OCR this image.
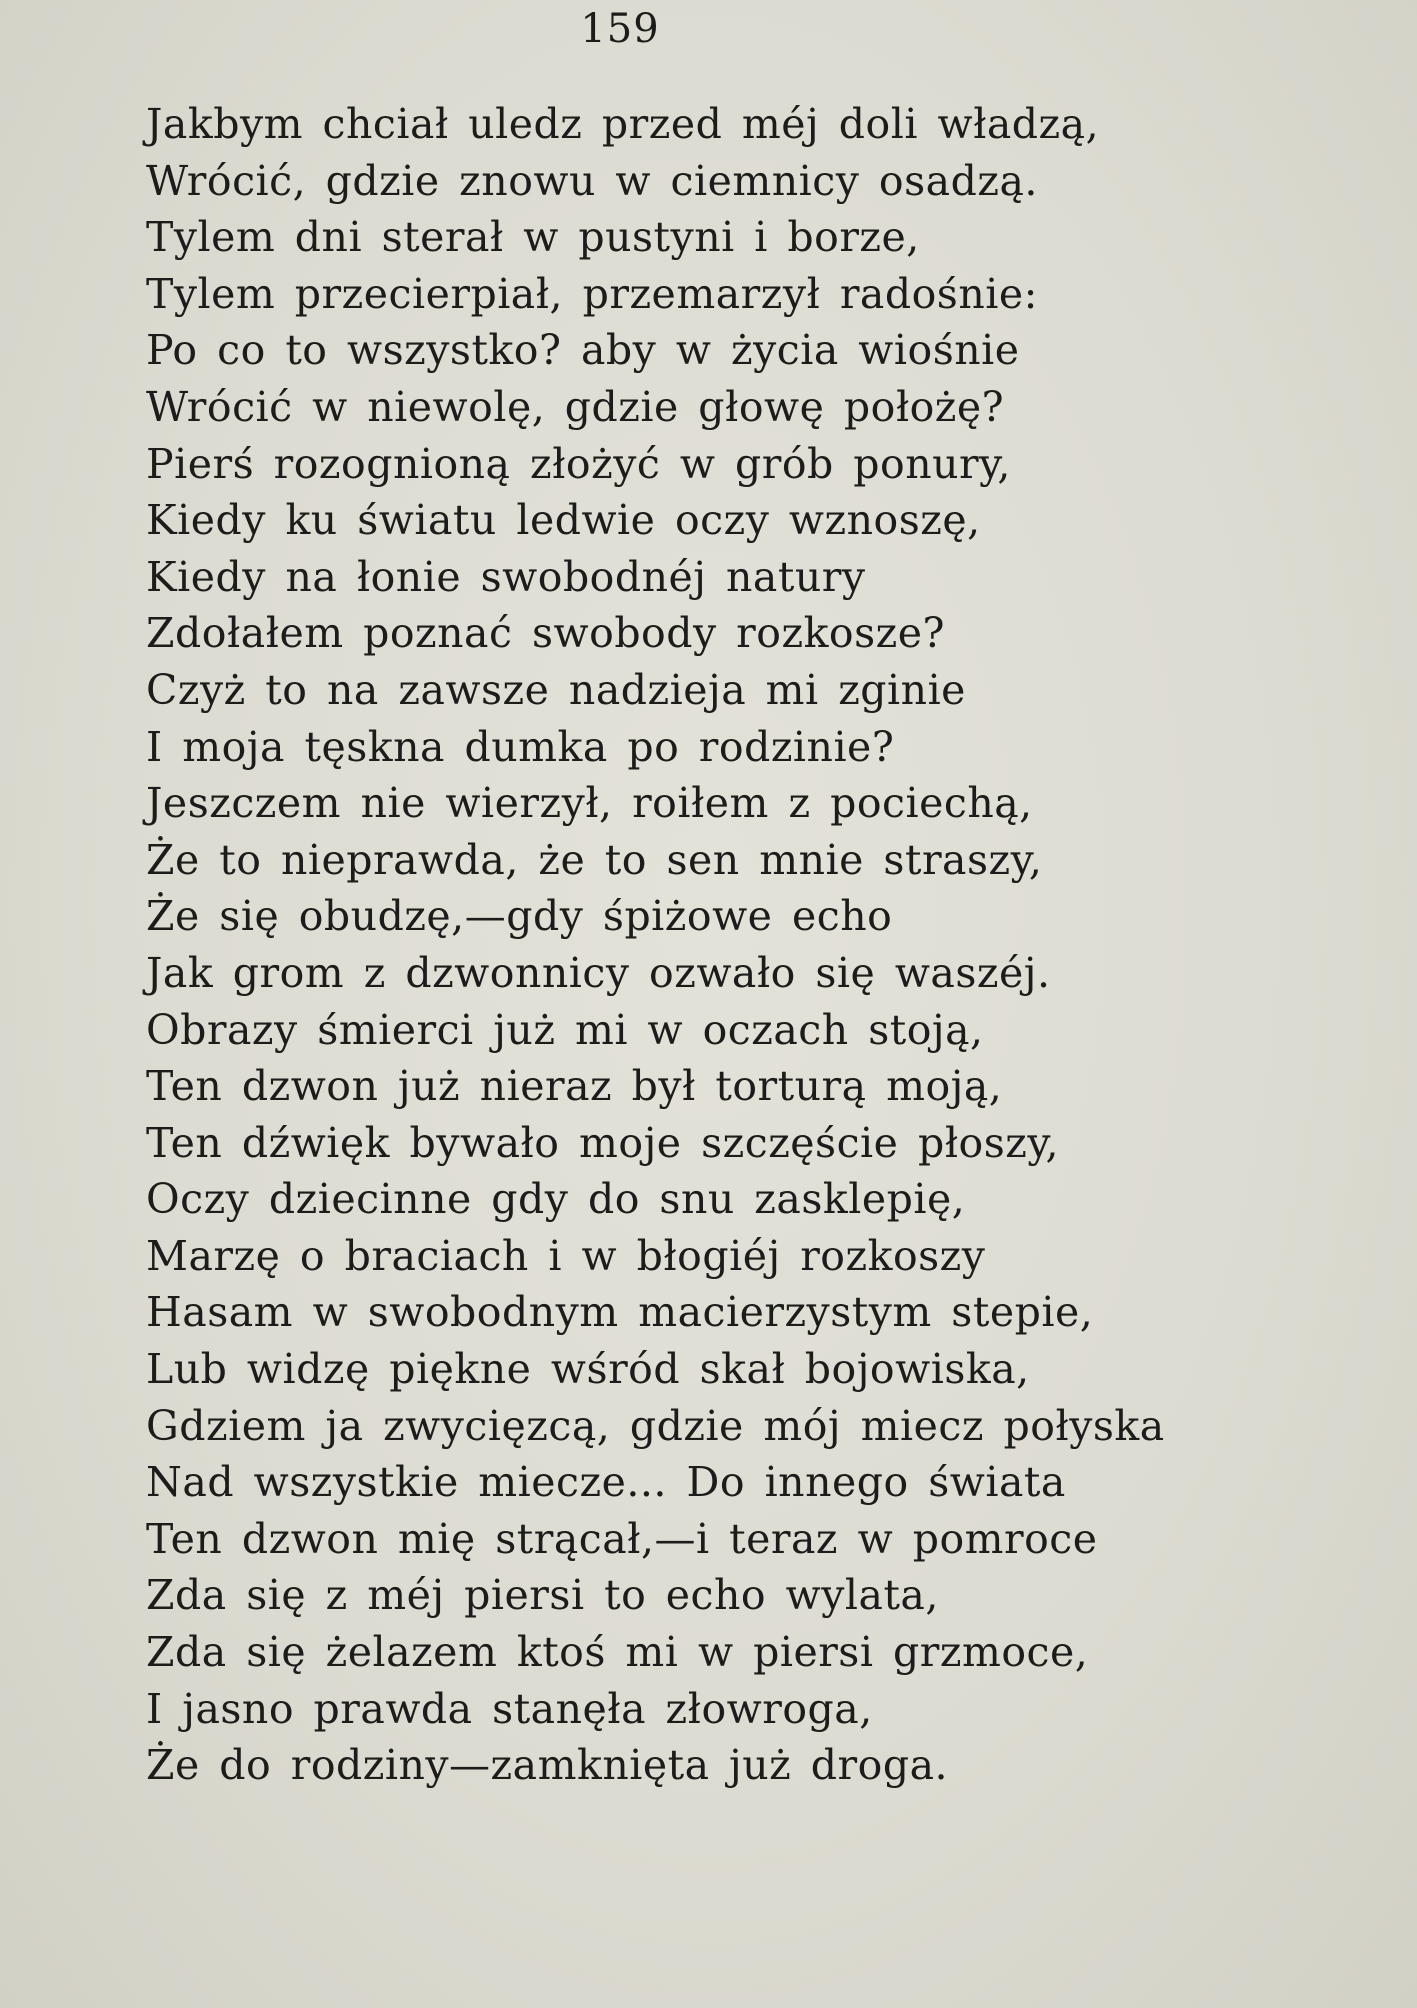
159
Jakbym chciał uledz przed méj doli władzą,
Wrócić, gdzie znowu w ciemnicy osadzą.
Tylem dni sterał w pustyni i borze,
Tylem przecierpiał, przemarzył radośnie:
Po co to wszystko? aby w życia wiośnie
Wrócić w niewolę, gdzie głowę położę?
Pierś rozognioną złożyć w grób ponury,
Kiedy ku światu ledwie oczy wznoszę,
Kiedy na łonie swobodnéj natury
Zdołałem poznać swobody rozkosze?
Czyż to na zawsze nadzieja mi zginie
I moja tęskna dumka po rodzinie?
Jeszczem nie wierzył, roiłem z pociechą,
Że to nieprawda, że to sen mnie straszy,
Że się obudzę,—gdy śpiżowe echo
Jak grom z dzwonnicy ozwało się waszéj.
Obrazy śmierci już mi w oczach stoją,
Ten dzwon już nieraz był torturą moją,
Ten dźwięk bywało moje szczęście płoszy,
Oczy dziecinne gdy do snu zasklepię,
Marzę o braciach i w błogiéj rozkoszy
Hasam w swobodnym macierzystym stepie,
Lub widzę piękne wśród skał bojowiska,
Gdziem ja zwycięzcą, gdzie mój miecz połyska
Nad wszystkie miecze... Do innego świata
Ten dzwon mię strącał,—i teraz w pomroce
Zda się z méj piersi to echo wylata,
Zda się żelazem ktoś mi w piersi grzmoce,
I jasno prawda stanęła złowroga,
Że do rodziny—zamknięta już droga.
